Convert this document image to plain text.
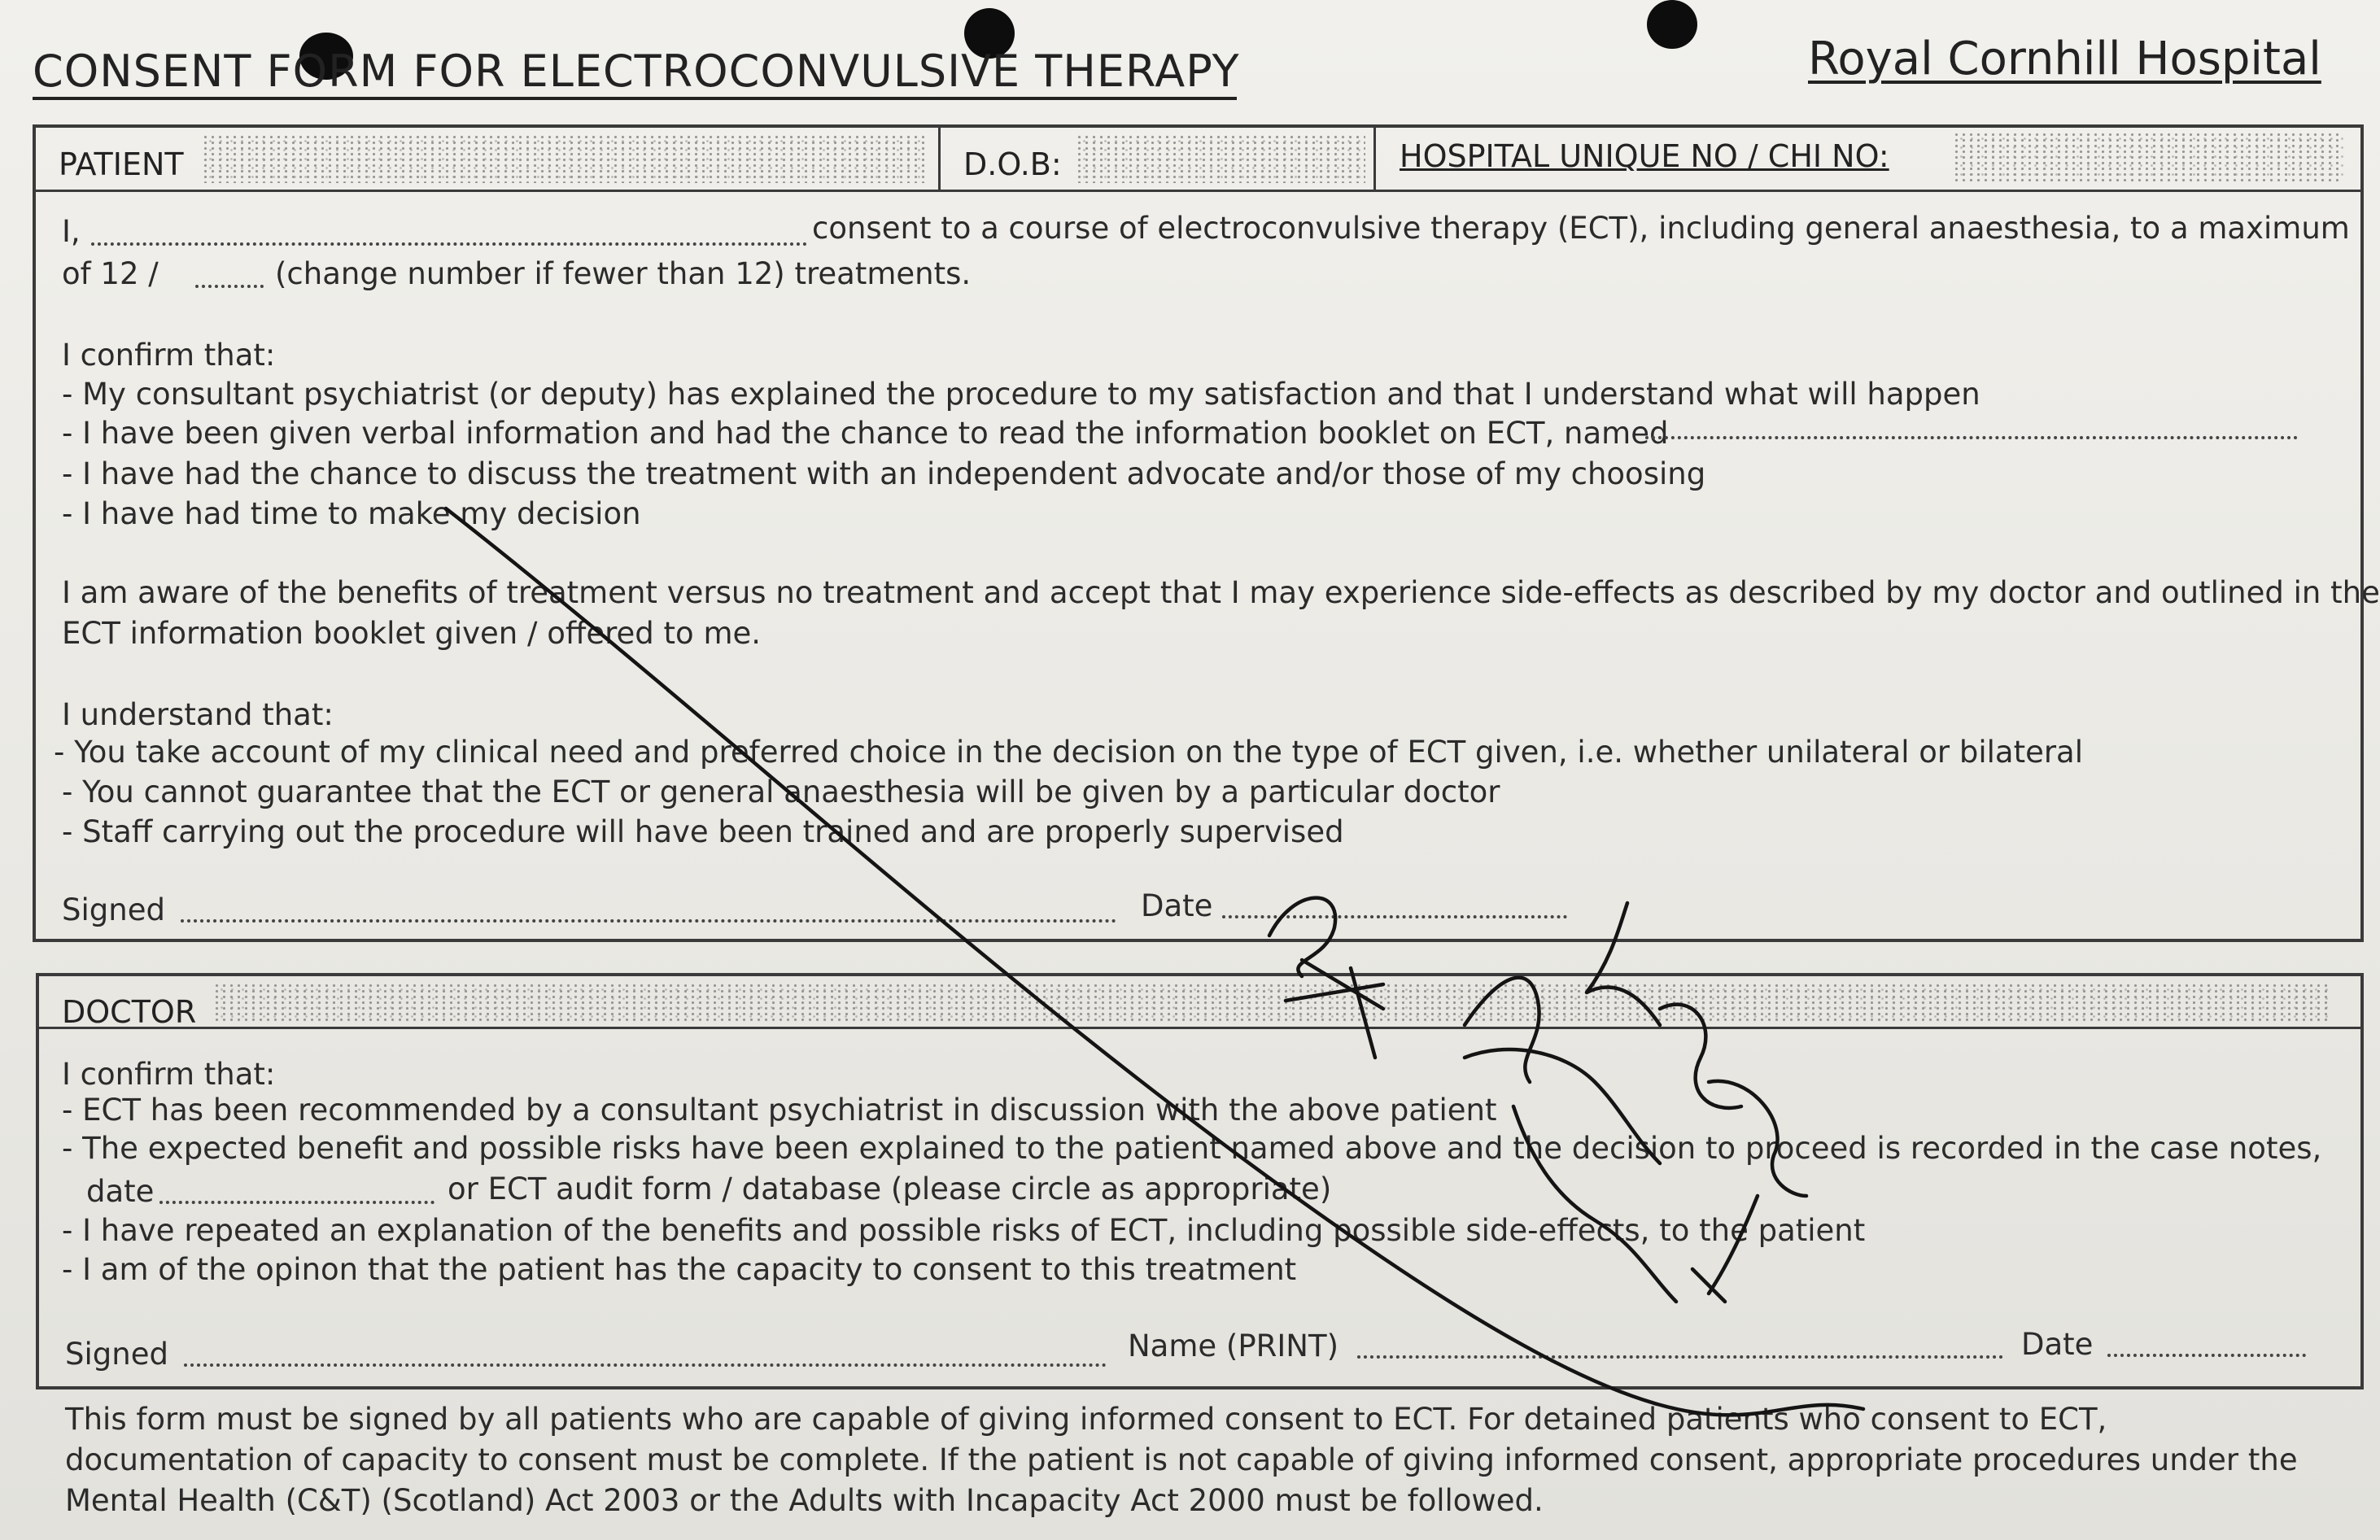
CONSENT FORM FOR ELECTROCONVULSIVE THERAPY	Royal Cornhill Hospital
PATIENT	D.O.B:	HOSPITAL UNIQUE NO / CHI NO:
I,	consent to a course of electroconvulsive therapy (ECT), including general anaesthesia, to a maximum
of 12 /	(change number if fewer than 12) treatments.
I confirm that:
- My consultant psychiatrist (or deputy) has explained the procedure to my satisfaction and that I understand what will happen
- I have been given verbal information and had the chance to read the information booklet on ECT, named
- I have had the chance to discuss the treatment with an independent advocate and/or those of my choosing
- I have had time to make my decision
I am aware of the benefits of treatment versus no treatment and accept that I may experience side-effects as described by my doctor and outlined in the
ECT information booklet given / offered to me.
I understand that:
- You take account of my clinical need and preferred choice in the decision on the type of ECT given, i.e. whether unilateral or bilateral
- You cannot guarantee that the ECT or general anaesthesia will be given by a particular doctor
- Staff carrying out the procedure will have been trained and are properly supervised
Signed	Date
DOCTOR
I confirm that:
- ECT has been recommended by a consultant psychiatrist in discussion with the above patient
- The expected benefit and possible risks have been explained to the patient named above and the decision to proceed is recorded in the case notes,
date	or ECT audit form / database (please circle as appropriate)
- I have repeated an explanation of the benefits and possible risks of ECT, including possible side-effects, to the patient
- I am of the opinon that the patient has the capacity to consent to this treatment
Signed	Name (PRINT)	Date
This form must be signed by all patients who are capable of giving informed consent to ECT. For detained patients who consent to ECT, documentation of capacity to consent must be complete. If the patient is not capable of giving informed consent, appropriate procedures under the Mental Health (C&T) (Scotland) Act 2003 or the Adults with Incapacity Act 2000 must be followed.
